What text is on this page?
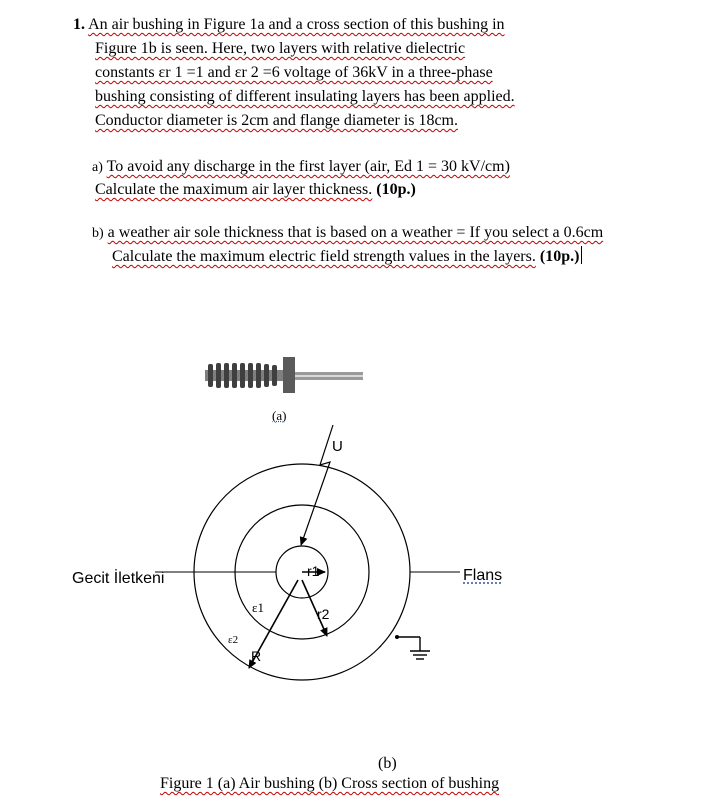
1. An air bushing in Figure 1a and a cross section of this bushing in
Figure 1b is seen. Here, two layers with relative dielectric
constants εr 1 =1 and εr 2 =6 voltage of 36kV in a three-phase
bushing consisting of different insulating layers has been applied.
Conductor diameter is 2cm and flange diameter is 18cm.
a) To avoid any discharge in the first layer (air, Ed 1 = 30 kV/cm)
Calculate the maximum air layer thickness. (10p.)
b) a weather air sole thickness that is based on a weather = If you select a 0.6cm
Calculate the maximum electric field strength values in the layers. (10p.)
(a)
U
r1
ε1	r2
ε2
R
Gecit İletkeni	Flans
(b)
Figure 1 (a) Air bushing (b) Cross section of bushing
